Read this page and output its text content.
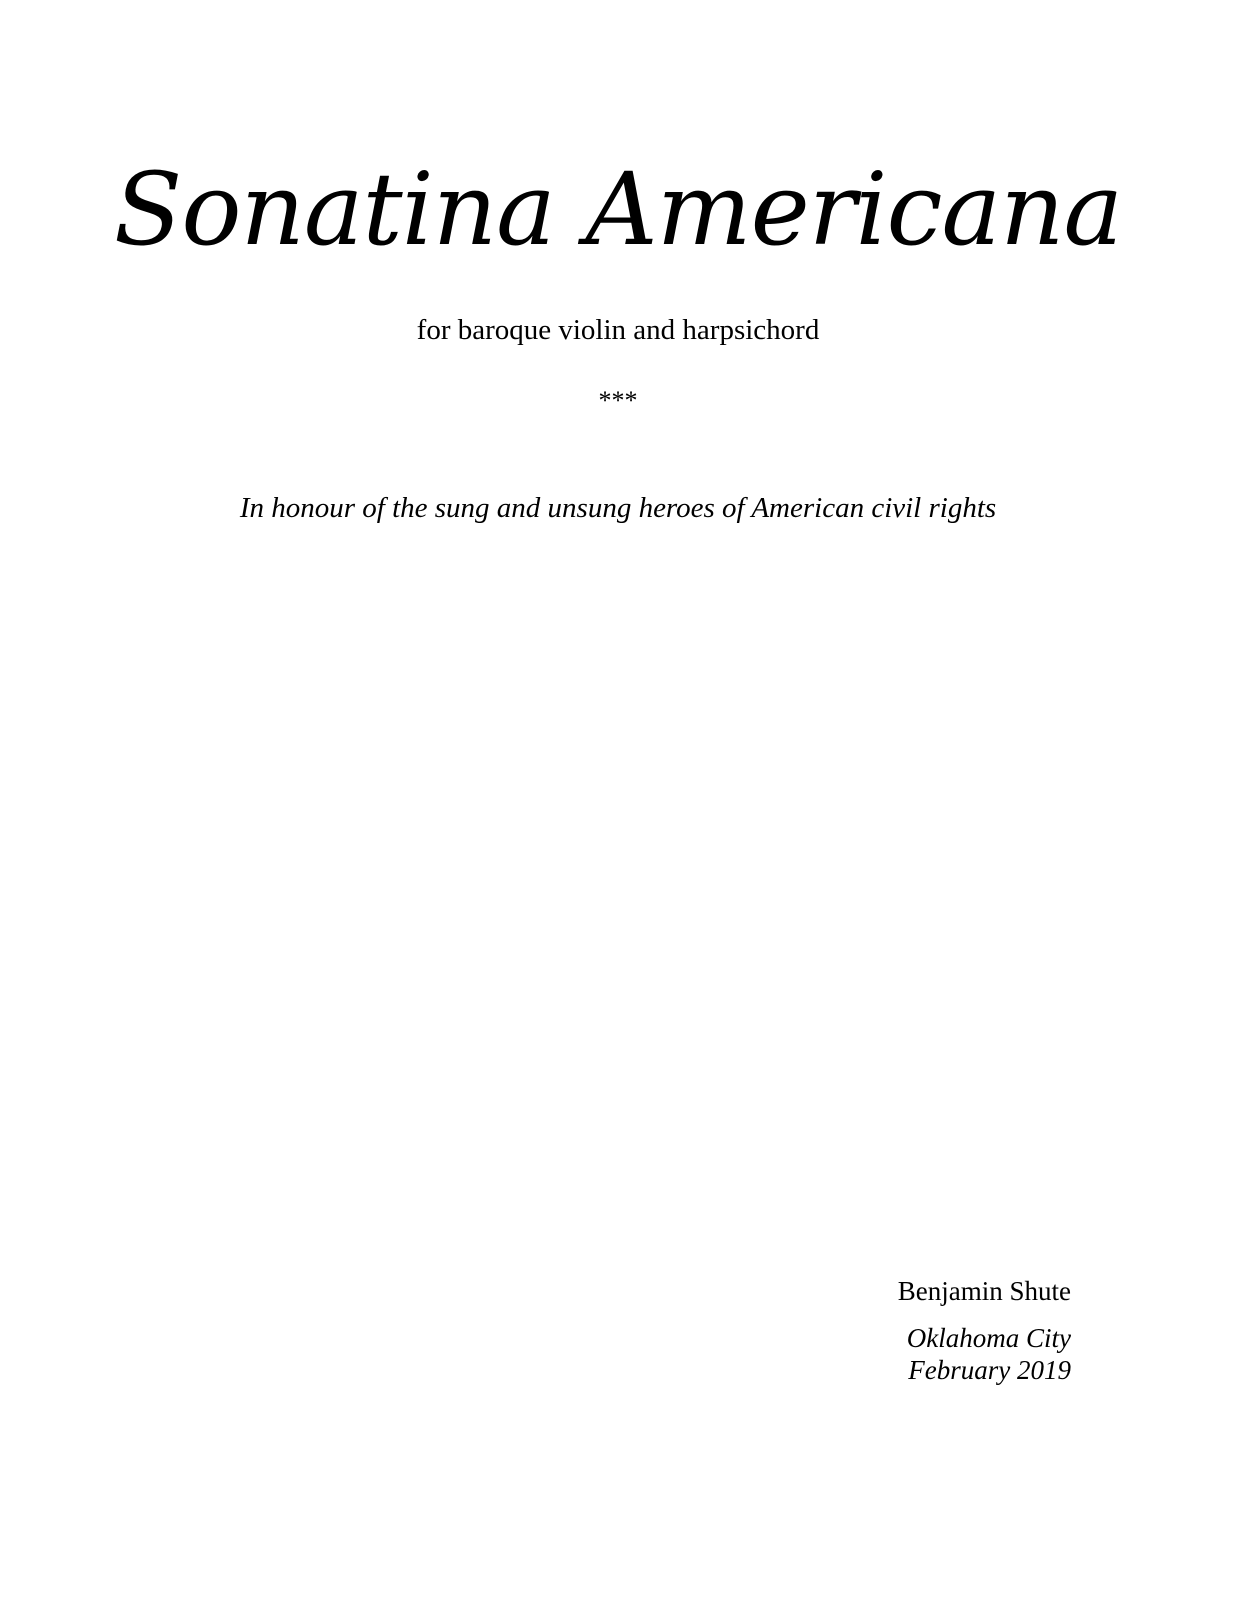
Sonatina Americana
for baroque violin and harpsichord
***
In honour of the sung and unsung heroes of American civil rights
Benjamin Shute
Oklahoma City
February 2019
